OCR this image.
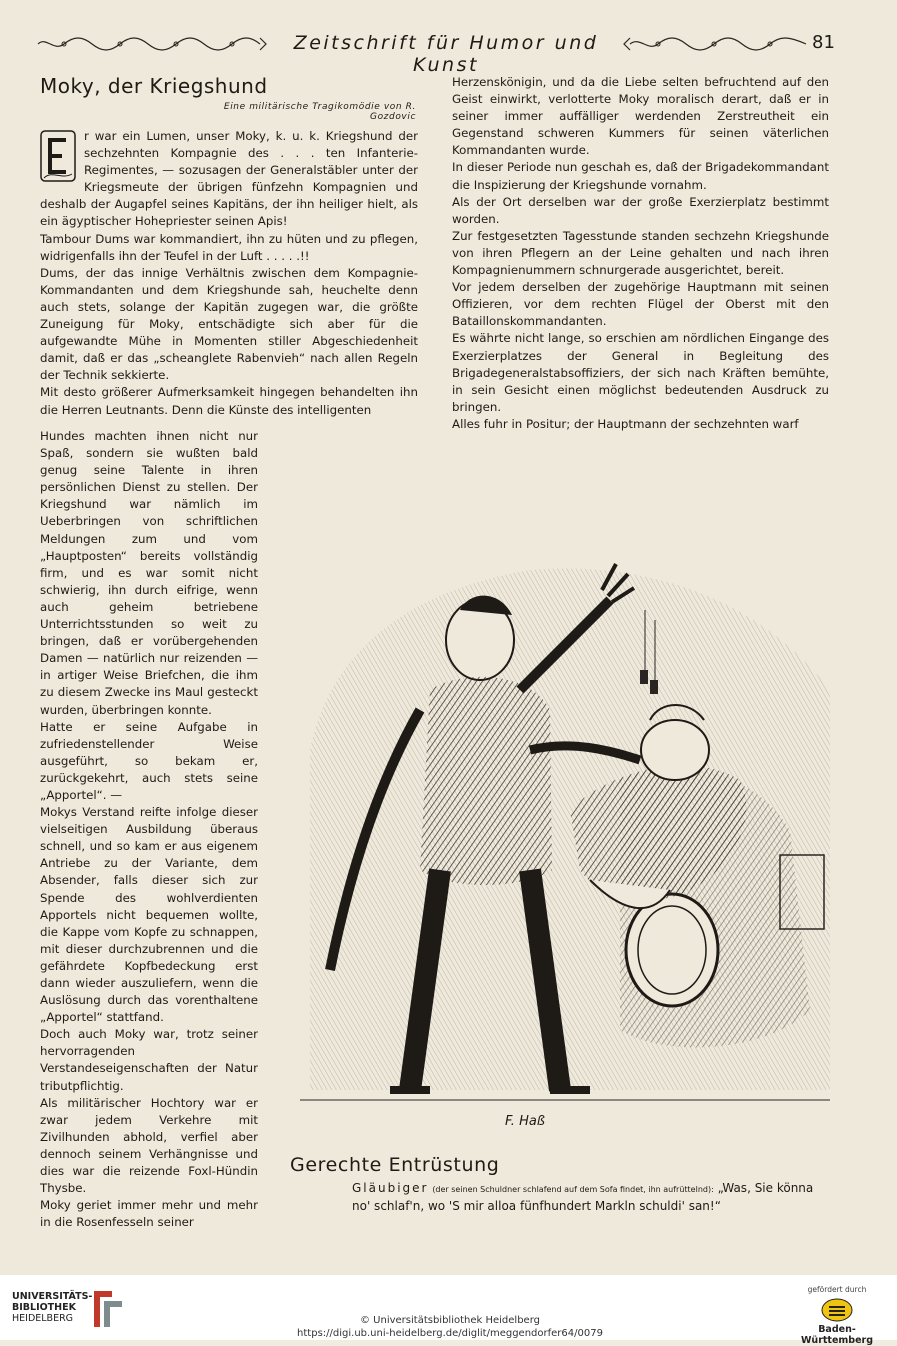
Zeitschrift für Humor und Kunst
81
Moky, der Kriegshund
Eine militärische Tragikomödie von R. Gozdovic

r war ein Lumen, unser Moky, k. u. k. Kriegshund der sechzehnten Kompagnie des . . . ten Infanterie-Regimentes, — sozusagen der Generalstäbler unter der Kriegsmeute der übrigen fünfzehn Kompagnien und deshalb der Augapfel seines Kapitäns, der ihn heiliger hielt, als ein ägyptischer Hohepriester seinen Apis!

Tambour Dums war kommandiert, ihn zu hüten und zu pflegen, widrigenfalls ihn der Teufel in der Luft . . . . .!!

Dums, der das innige Verhältnis zwischen dem Kompagnie-Kommandanten und dem Kriegshunde sah, heuchelte denn auch stets, solange der Kapitän zugegen war, die größte Zuneigung für Moky, entschädigte sich aber für die aufgewandte Mühe in Momenten stiller Abgeschiedenheit damit, daß er das „scheanglete Rabenvieh“ nach allen Regeln der Technik sekkierte.

Mit desto größerer Aufmerksamkeit hingegen behandelten ihn die Herren Leutnants. Denn die Künste des intelligenten

Hundes machten ihnen nicht nur Spaß, sondern sie wußten bald genug seine Talente in ihren persönlichen Dienst zu stellen. Der Kriegshund war nämlich im Ueberbringen von schriftlichen Meldungen zum und vom „Hauptposten“ bereits vollständig firm, und es war somit nicht schwierig, ihn durch eifrige, wenn auch geheim betriebene Unterrichtsstunden so weit zu bringen, daß er vorübergehenden Damen — natürlich nur reizenden — in artiger Weise Briefchen, die ihm zu diesem Zwecke ins Maul gesteckt wurden, überbringen konnte.

Hatte er seine Aufgabe in zufriedenstellender Weise ausgeführt, so bekam er, zurückgekehrt, auch stets seine „Apportel“. —

Mokys Verstand reifte infolge dieser vielseitigen Ausbildung überaus schnell, und so kam er aus eigenem Antriebe zu der Variante, dem Absender, falls dieser sich zur Spende des wohlverdienten Apportels nicht bequemen wollte, die Kappe vom Kopfe zu schnappen, mit dieser durchzubrennen und die gefährdete Kopfbedeckung erst dann wieder auszuliefern, wenn die Auslösung durch das vorenthaltene „Apportel“ stattfand.

Doch auch Moky war, trotz seiner hervorragenden Verstandeseigenschaften der Natur tributpflichtig.

Als militärischer Hochtory war er zwar jedem Verkehre mit Zivilhunden abhold, verfiel aber dennoch seinem Verhängnisse und dies war die reizende Foxl-Hündin Thysbe.

Moky geriet immer mehr und mehr in die Rosenfesseln seiner

Herzenskönigin, und da die Liebe selten befruchtend auf den Geist einwirkt, verlotterte Moky moralisch derart, daß er in seiner immer auffälliger werdenden Zerstreutheit ein Gegenstand schweren Kummers für seinen väterlichen Kommandanten wurde.

In dieser Periode nun geschah es, daß der Brigadekommandant die Inspizierung der Kriegshunde vornahm.

Als der Ort derselben war der große Exerzierplatz bestimmt worden.

Zur festgesetzten Tagesstunde standen sechzehn Kriegshunde von ihren Pflegern an der Leine gehalten und nach ihren Kompagnienummern schnurgerade ausgerichtet, bereit.

Vor jedem derselben der zugehörige Hauptmann mit seinen Offizieren, vor dem rechten Flügel der Oberst mit den Bataillonskommandanten.

Es währte nicht lange, so erschien am nördlichen Eingange des Exerzierplatzes der General in Begleitung des Brigadegeneralstabsoffiziers, der sich nach Kräften bemühte, in sein Gesicht einen möglichst bedeutenden Ausdruck zu bringen.

Alles fuhr in Positur; der Hauptmann der sechzehnten warf

F. Haß
Gerechte Entrüstung
Gläubiger (der seinen Schuldner schlafend auf dem Sofa findet, ihn aufrüttelnd): „Was, Sie könna no' schlaf'n, wo 'S mir alloa fünfhundert Markln schuldi' san!“
UNIVERSITÄTS-
BIBLIOTHEK
HEIDELBERG	© Universitätsbibliothek Heidelberg
https://digi.ub.uni-heidelberg.de/diglit/meggendorfer64/0079
gefördert durch
Baden-Württemberg
